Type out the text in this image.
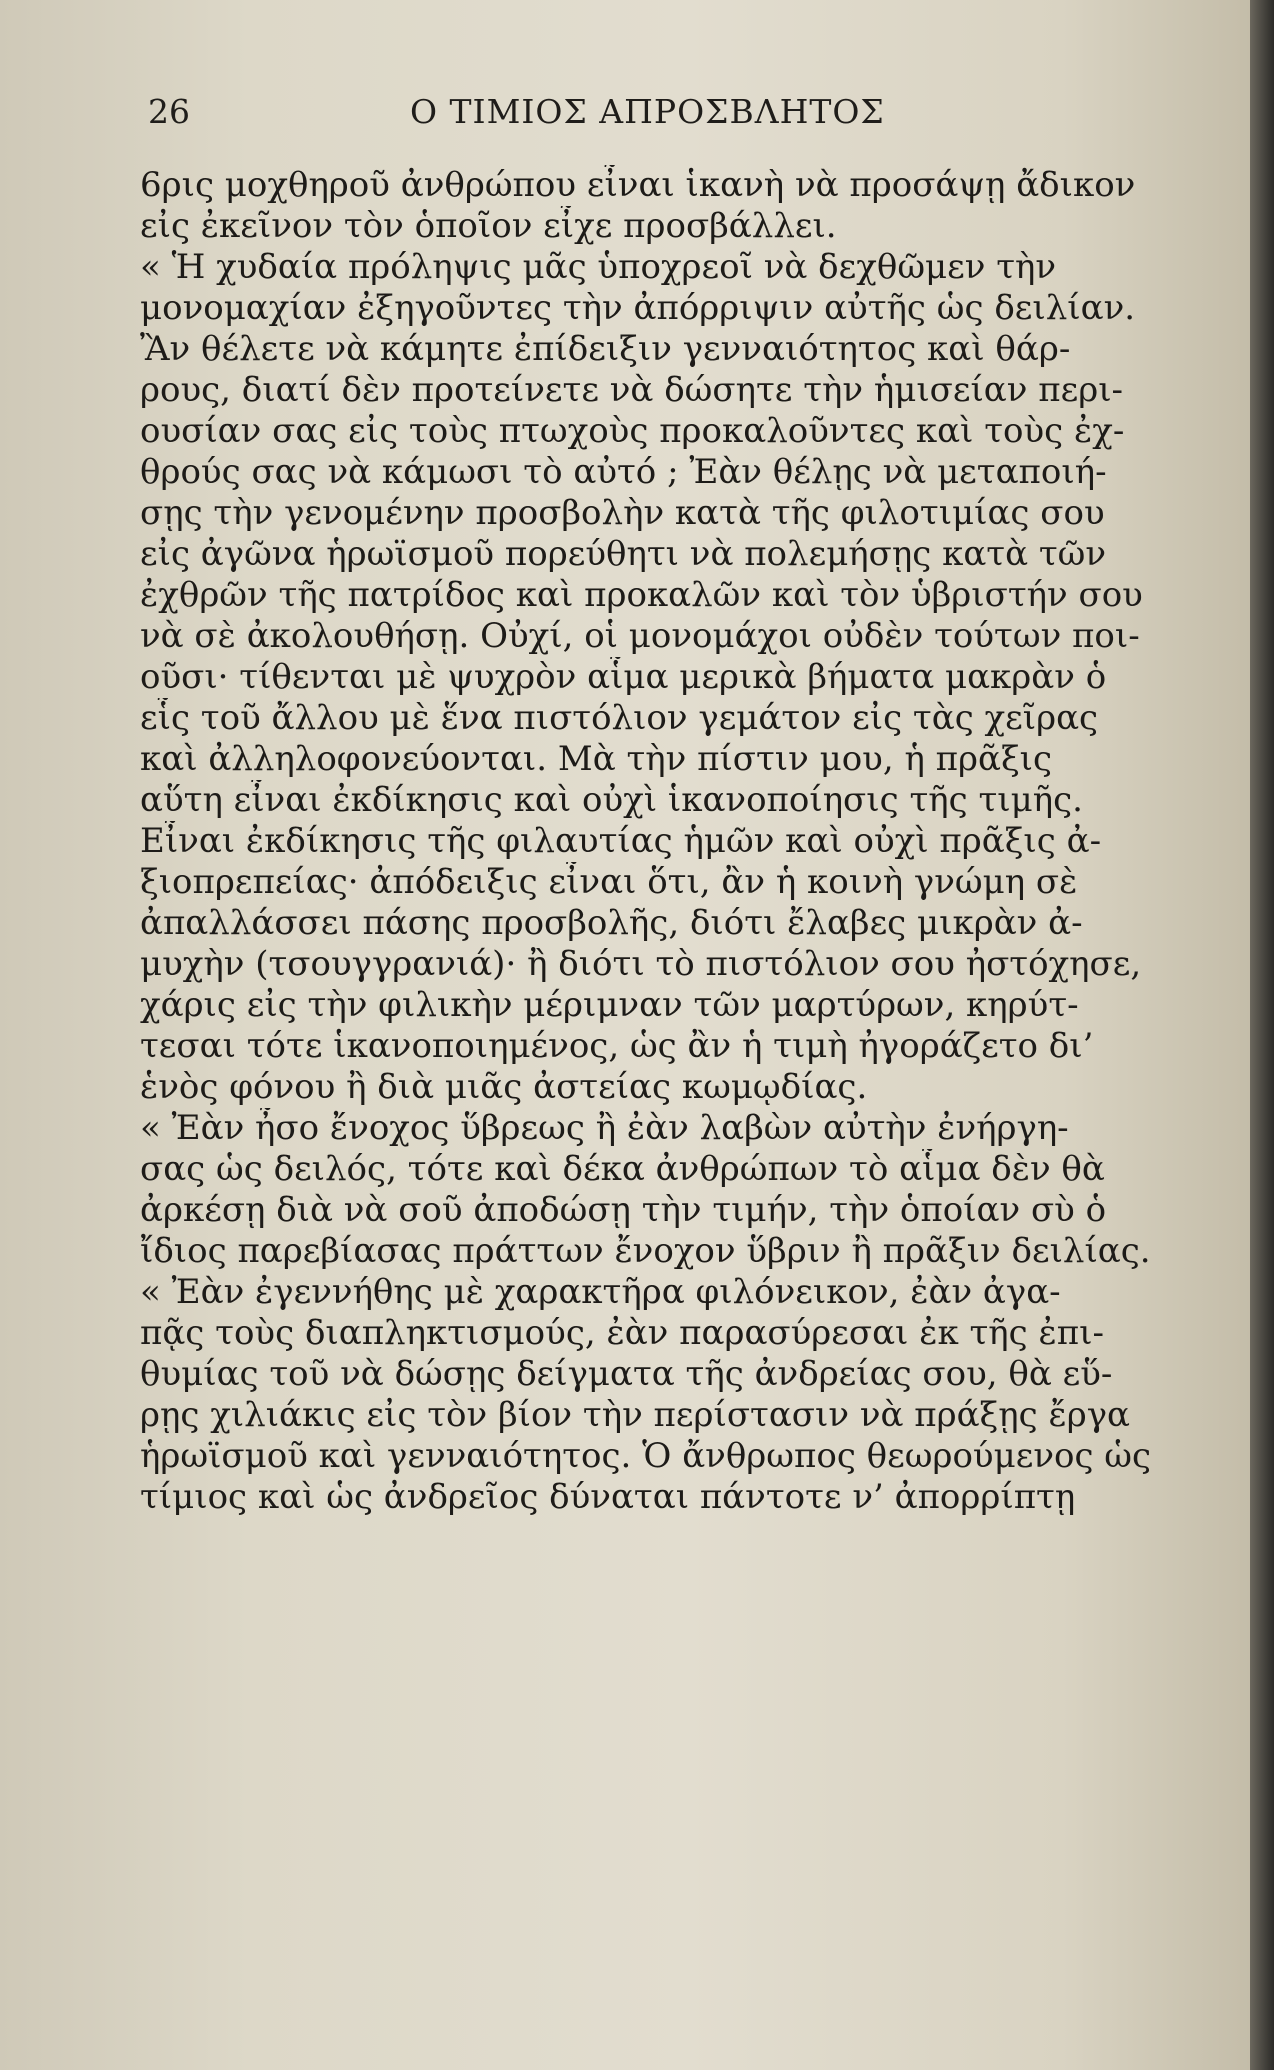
26	Ο ΤΙΜΙΟΣ ΑΠΡΟΣΒΛΗΤΟΣ
6ρις μοχθηροῦ ἀνθρώπου εἶναι ἱκανὴ νὰ προσάψῃ ἄδικον
εἰς ἐκεῖνον τὸν ὁποῖον εἶχε προσβάλλει.
« Ἡ χυδαία πρόληψις μᾶς ὑποχρεοῖ νὰ δεχθῶμεν τὴν
μονομαχίαν ἐξηγοῦντες τὴν ἀπόρριψιν αὐτῆς ὡς δειλίαν.
Ἂν θέλετε νὰ κάμητε ἐπίδειξιν γενναιότητος καὶ θάρ-
ρους, διατί δὲν προτείνετε νὰ δώσητε τὴν ἡμισείαν περι-
ουσίαν σας εἰς τοὺς πτωχοὺς προκαλοῦντες καὶ τοὺς ἐχ-
θρούς σας νὰ κάμωσι τὸ αὐτό ; Ἐὰν θέλῃς νὰ μεταποιή-
σῃς τὴν γενομένην προσβολὴν κατὰ τῆς φιλοτιμίας σου
εἰς ἀγῶνα ἡρωϊσμοῦ πορεύθητι νὰ πολεμήσῃς κατὰ τῶν
ἐχθρῶν τῆς πατρίδος καὶ προκαλῶν καὶ τὸν ὑβριστήν σου
νὰ σὲ ἀκολουθήσῃ. Οὐχί, οἱ μονομάχοι οὐδὲν τούτων ποι-
οῦσι· τίθενται μὲ ψυχρὸν αἷμα μερικὰ βήματα μακρὰν ὁ
εἷς τοῦ ἄλλου μὲ ἕνα πιστόλιον γεμάτον εἰς τὰς χεῖρας
καὶ ἀλληλοφονεύονται. Μὰ τὴν πίστιν μου, ἡ πρᾶξις
αὕτη εἶναι ἐκδίκησις καὶ οὐχὶ ἱκανοποίησις τῆς τιμῆς.
Εἶναι ἐκδίκησις τῆς φιλαυτίας ἡμῶν καὶ οὐχὶ πρᾶξις ἀ-
ξιοπρεπείας· ἀπόδειξις εἶναι ὅτι, ἂν ἡ κοινὴ γνώμη σὲ
ἀπαλλάσσει πάσης προσβολῆς, διότι ἔλαβες μικρὰν ἀ-
μυχὴν (τσουγγρανιά)· ἢ διότι τὸ πιστόλιον σου ἠστόχησε,
χάρις εἰς τὴν φιλικὴν μέριμναν τῶν μαρτύρων, κηρύτ-
τεσαι τότε ἱκανοποιημένος, ὡς ἂν ἡ τιμὴ ἠγοράζετο δι’
ἑνὸς φόνου ἢ διὰ μιᾶς ἀστείας κωμῳδίας.
« Ἐὰν ἦσο ἔνοχος ὕβρεως ἢ ἐὰν λαβὼν αὐτὴν ἐνήργη-
σας ὡς δειλός, τότε καὶ δέκα ἀνθρώπων τὸ αἷμα δὲν θὰ
ἀρκέσῃ διὰ νὰ σοῦ ἀποδώσῃ τὴν τιμήν, τὴν ὁποίαν σὺ ὁ
ἴδιος παρεβίασας πράττων ἔνοχον ὕβριν ἢ πρᾶξιν δειλίας.
« Ἐὰν ἐγεννήθης μὲ χαρακτῆρα φιλόνεικον, ἐὰν ἀγα-
πᾷς τοὺς διαπληκτισμούς, ἐὰν παρασύρεσαι ἐκ τῆς ἐπι-
θυμίας τοῦ νὰ δώσῃς δείγματα τῆς ἀνδρείας σου, θὰ εὕ-
ρῃς χιλιάκις εἰς τὸν βίον τὴν περίστασιν νὰ πράξῃς ἔργα
ἡρωϊσμοῦ καὶ γενναιότητος. Ὁ ἄνθρωπος θεωρούμενος ὡς
τίμιος καὶ ὡς ἀνδρεῖος δύναται πάντοτε ν’ ἀπορρίπτῃ
